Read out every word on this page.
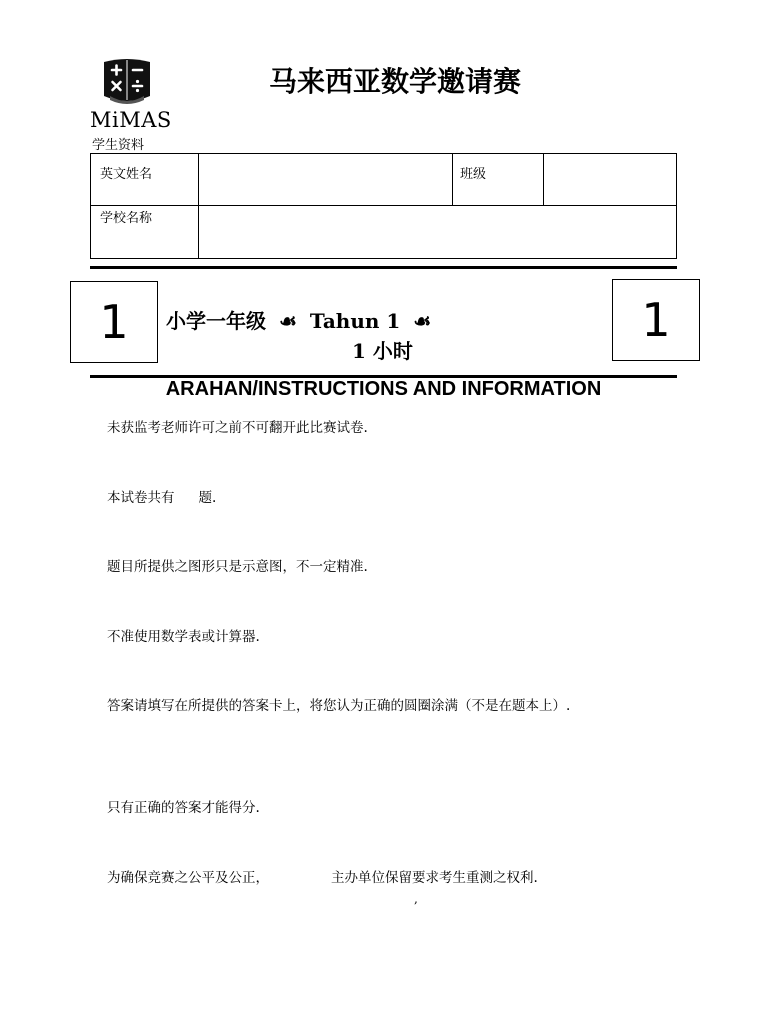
MiMAS
马来西亚数学邀请赛
学生资料
英文姓名	班级
学校名称
1	1
小学一年级 ☙ Tahun 1 ☙
1 小时
ARAHAN/INSTRUCTIONS AND INFORMATION
未获监考老师许可之前不可翻开此比赛试卷.
本试卷共有 题.
题目所提供之图形只是示意图，不一定精准.
不准使用数学表或计算器.
答案请填写在所提供的答案卡上，将您认为正确的圆圈涂满（不是在题本上）.
只有正确的答案才能得分.
为确保竞赛之公平及公正，	主办单位保留要求考生重测之权利.
,
